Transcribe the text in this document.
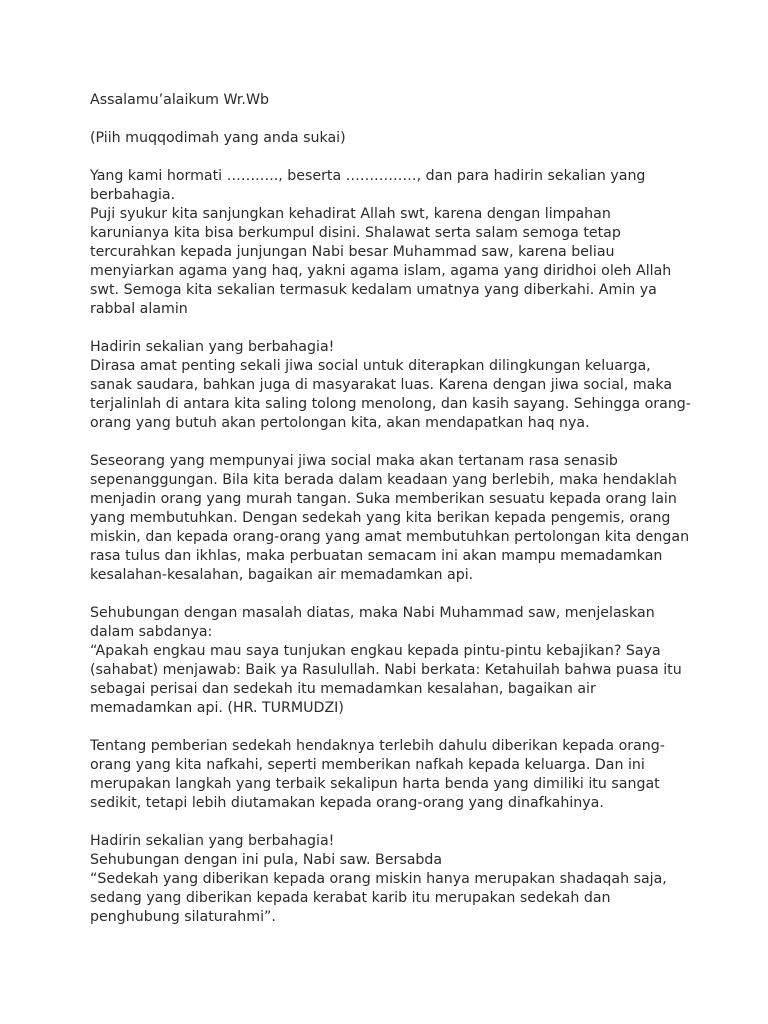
Assalamu’alaikum Wr.Wb
(Piih muqqodimah yang anda sukai)
Yang kami hormati ……….., beserta ……………, dan para hadirin sekalian yang
berbahagia.
Puji syukur kita sanjungkan kehadirat Allah swt, karena dengan limpahan
karunianya kita bisa berkumpul disini. Shalawat serta salam semoga tetap
tercurahkan kepada junjungan Nabi besar Muhammad saw, karena beliau
menyiarkan agama yang haq, yakni agama islam, agama yang diridhoi oleh Allah
swt. Semoga kita sekalian termasuk kedalam umatnya yang diberkahi. Amin ya
rabbal alamin
Hadirin sekalian yang berbahagia!
Dirasa amat penting sekali jiwa social untuk diterapkan dilingkungan keluarga,
sanak saudara, bahkan juga di masyarakat luas. Karena dengan jiwa social, maka
terjalinlah di antara kita saling tolong menolong, dan kasih sayang. Sehingga orang-
orang yang butuh akan pertolongan kita, akan mendapatkan haq nya.
Seseorang yang mempunyai jiwa social maka akan tertanam rasa senasib
sepenanggungan. Bila kita berada dalam keadaan yang berlebih, maka hendaklah
menjadin orang yang murah tangan. Suka memberikan sesuatu kepada orang lain
yang membutuhkan. Dengan sedekah yang kita berikan kepada pengemis, orang
miskin, dan kepada orang-orang yang amat membutuhkan pertolongan kita dengan
rasa tulus dan ikhlas, maka perbuatan semacam ini akan mampu memadamkan
kesalahan-kesalahan, bagaikan air memadamkan api.
Sehubungan dengan masalah diatas, maka Nabi Muhammad saw, menjelaskan
dalam sabdanya:
“Apakah engkau mau saya tunjukan engkau kepada pintu-pintu kebajikan? Saya
(sahabat) menjawab: Baik ya Rasulullah. Nabi berkata: Ketahuilah bahwa puasa itu
sebagai perisai dan sedekah itu memadamkan kesalahan, bagaikan air
memadamkan api. (HR. TURMUDZI)
Tentang pemberian sedekah hendaknya terlebih dahulu diberikan kepada orang-
orang yang kita nafkahi, seperti memberikan nafkah kepada keluarga. Dan ini
merupakan langkah yang terbaik sekalipun harta benda yang dimiliki itu sangat
sedikit, tetapi lebih diutamakan kepada orang-orang yang dinafkahinya.
Hadirin sekalian yang berbahagia!
Sehubungan dengan ini pula, Nabi saw. Bersabda
“Sedekah yang diberikan kepada orang miskin hanya merupakan shadaqah saja,
sedang yang diberikan kepada kerabat karib itu merupakan sedekah dan
penghubung silaturahmi”.
